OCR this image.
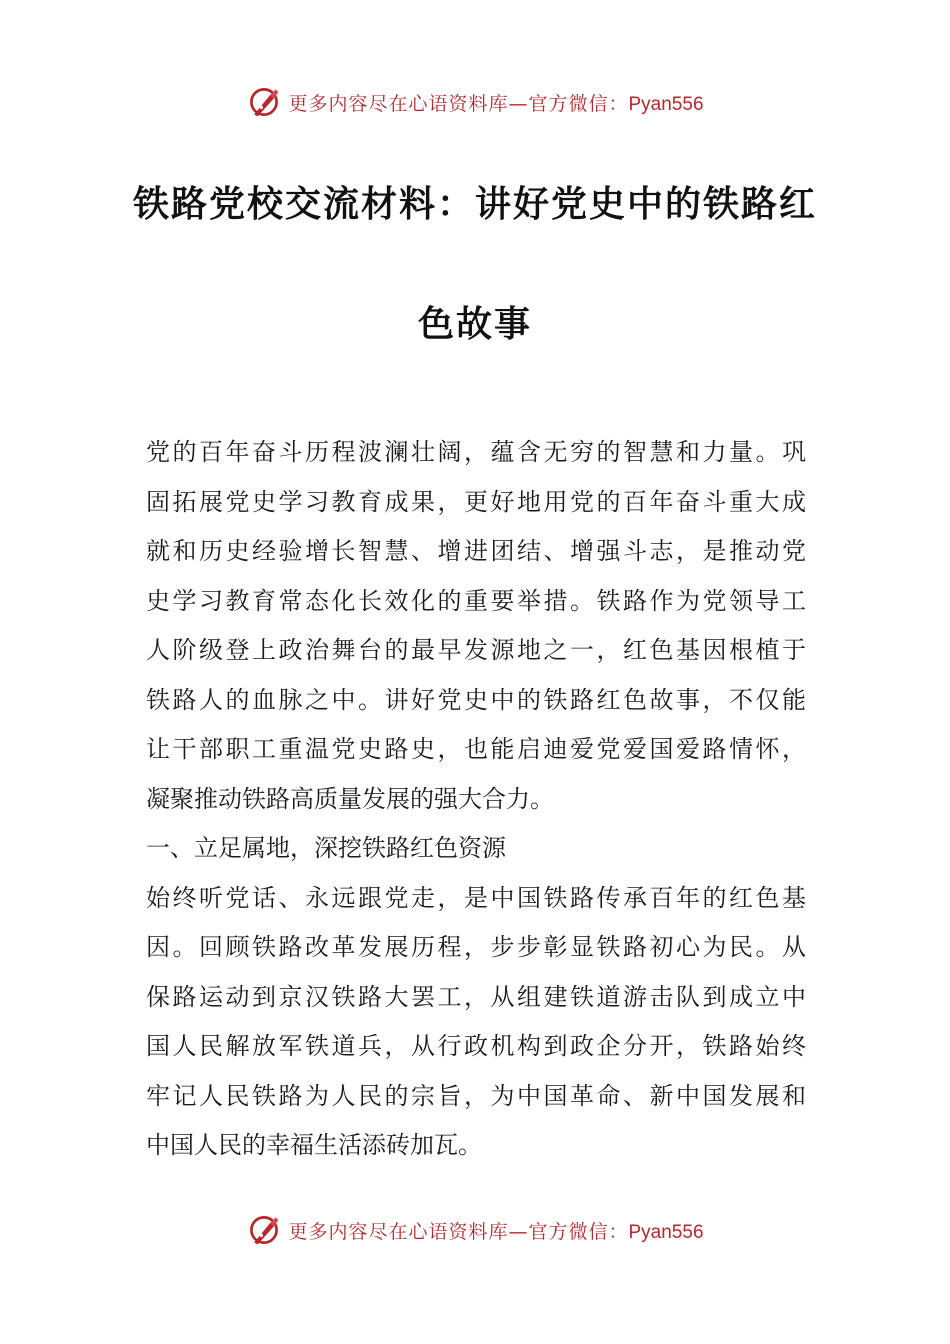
更多内容尽在心语资料库—官方微信：Pyan556
铁路党校交流材料：讲好党史中的铁路红
色故事
党的百年奋斗历程波澜壮阔，蕴含无穷的智慧和力量。巩
固拓展党史学习教育成果，更好地用党的百年奋斗重大成
就和历史经验增长智慧、增进团结、增强斗志，是推动党
史学习教育常态化长效化的重要举措。铁路作为党领导工
人阶级登上政治舞台的最早发源地之一，红色基因根植于
铁路人的血脉之中。讲好党史中的铁路红色故事，不仅能
让干部职工重温党史路史，也能启迪爱党爱国爱路情怀，
凝聚推动铁路高质量发展的强大合力。
一、立足属地，深挖铁路红色资源
始终听党话、永远跟党走，是中国铁路传承百年的红色基
因。回顾铁路改革发展历程，步步彰显铁路初心为民。从
保路运动到京汉铁路大罢工，从组建铁道游击队到成立中
国人民解放军铁道兵，从行政机构到政企分开，铁路始终
牢记人民铁路为人民的宗旨，为中国革命、新中国发展和
中国人民的幸福生活添砖加瓦。
更多内容尽在心语资料库—官方微信：Pyan556
